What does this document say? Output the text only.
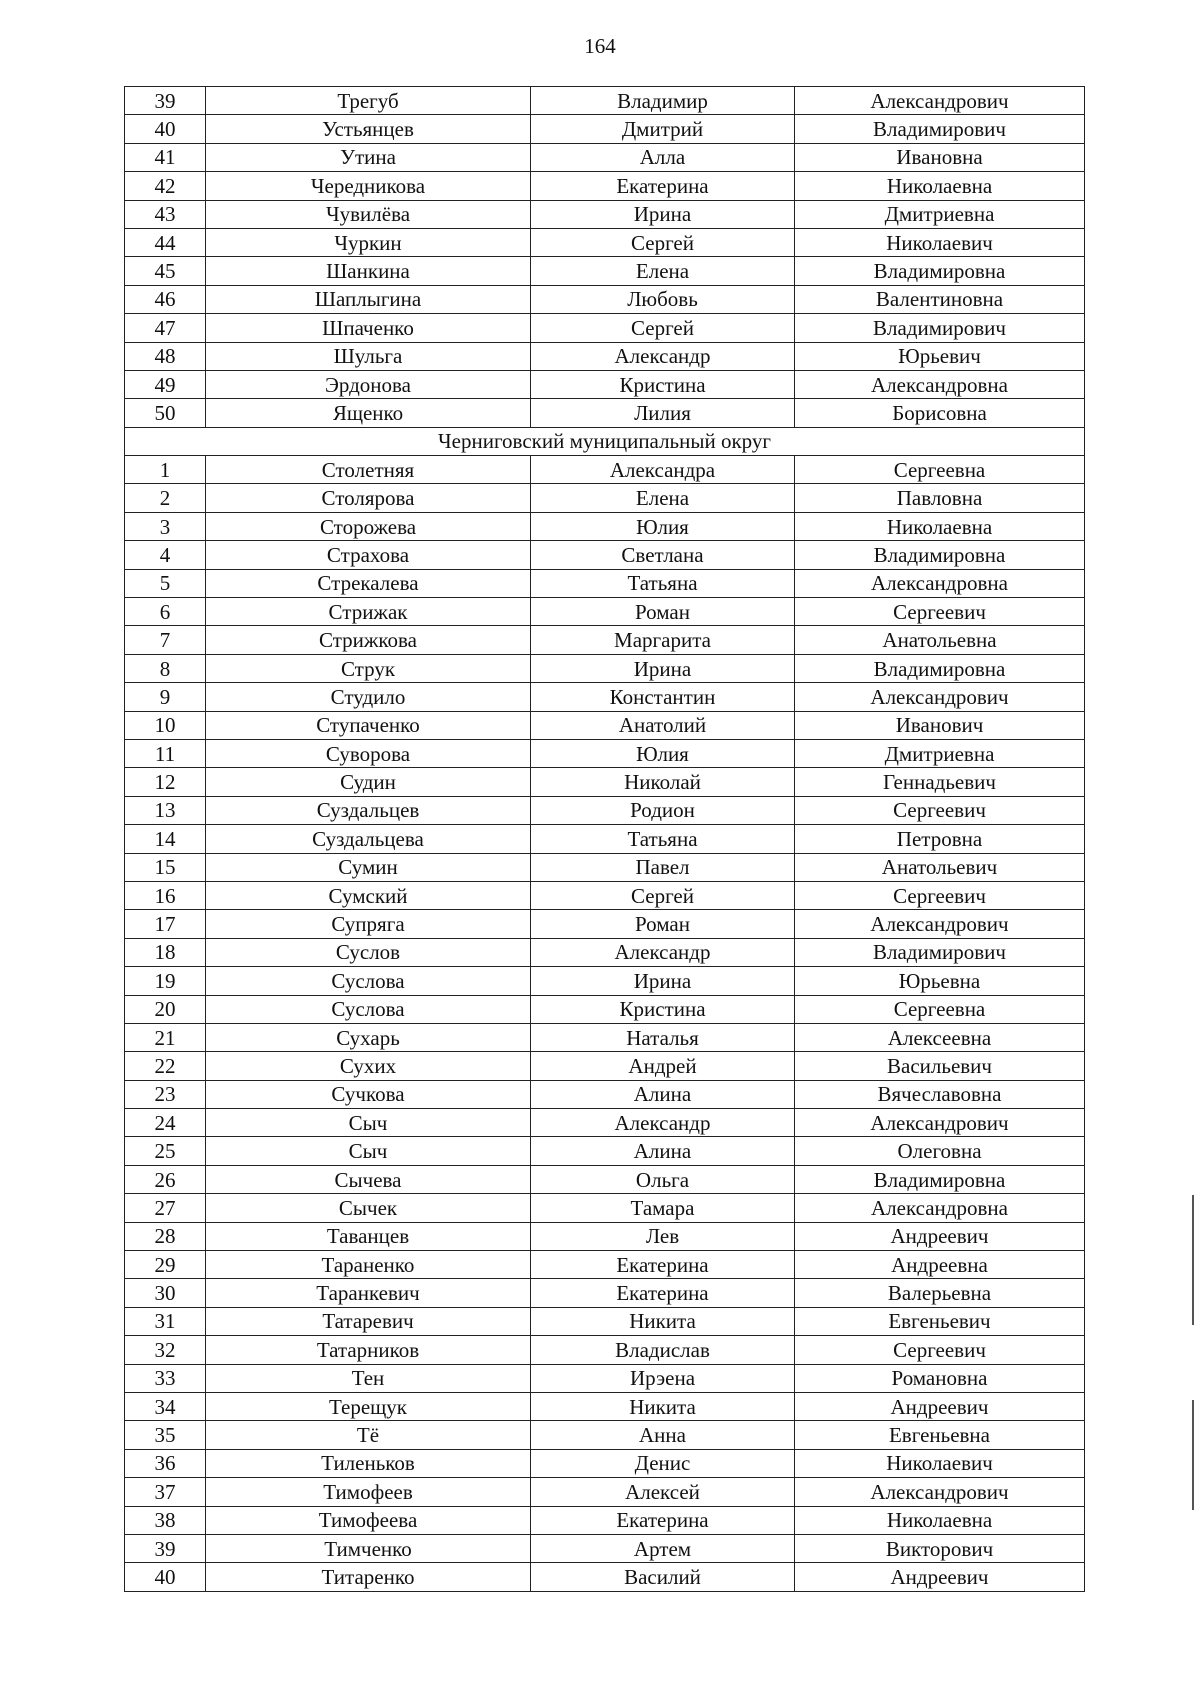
164
39	Трегуб	Владимир	Александрович
40	Устьянцев	Дмитрий	Владимирович
41	Утина	Алла	Ивановна
42	Чередникова	Екатерина	Николаевна
43	Чувилёва	Ирина	Дмитриевна
44	Чуркин	Сергей	Николаевич
45	Шанкина	Елена	Владимировна
46	Шаплыгина	Любовь	Валентиновна
47	Шпаченко	Сергей	Владимирович
48	Шульга	Александр	Юрьевич
49	Эрдонова	Кристина	Александровна
50	Ященко	Лилия	Борисовна
Черниговский муниципальный округ			
1	Столетняя	Александра	Сергеевна
2	Столярова	Елена	Павловна
3	Сторожева	Юлия	Николаевна
4	Страхова	Светлана	Владимировна
5	Стрекалева	Татьяна	Александровна
6	Стрижак	Роман	Сергеевич
7	Стрижкова	Маргарита	Анатольевна
8	Струк	Ирина	Владимировна
9	Студило	Константин	Александрович
10	Ступаченко	Анатолий	Иванович
11	Суворова	Юлия	Дмитриевна
12	Судин	Николай	Геннадьевич
13	Суздальцев	Родион	Сергеевич
14	Суздальцева	Татьяна	Петровна
15	Сумин	Павел	Анатольевич
16	Сумский	Сергей	Сергеевич
17	Супряга	Роман	Александрович
18	Суслов	Александр	Владимирович
19	Суслова	Ирина	Юрьевна
20	Суслова	Кристина	Сергеевна
21	Сухарь	Наталья	Алексеевна
22	Сухих	Андрей	Васильевич
23	Сучкова	Алина	Вячеславовна
24	Сыч	Александр	Александрович
25	Сыч	Алина	Олеговна
26	Сычева	Ольга	Владимировна
27	Сычек	Тамара	Александровна
28	Таванцев	Лев	Андреевич
29	Тараненко	Екатерина	Андреевна
30	Таранкевич	Екатерина	Валерьевна
31	Татаревич	Никита	Евгеньевич
32	Татарников	Владислав	Сергеевич
33	Тен	Ирэена	Романовна
34	Терещук	Никита	Андреевич
35	Тё	Анна	Евгеньевна
36	Тиленьков	Денис	Николаевич
37	Тимофеев	Алексей	Александрович
38	Тимофеева	Екатерина	Николаевна
39	Тимченко	Артем	Викторович
40	Титаренко	Василий	Андреевич
